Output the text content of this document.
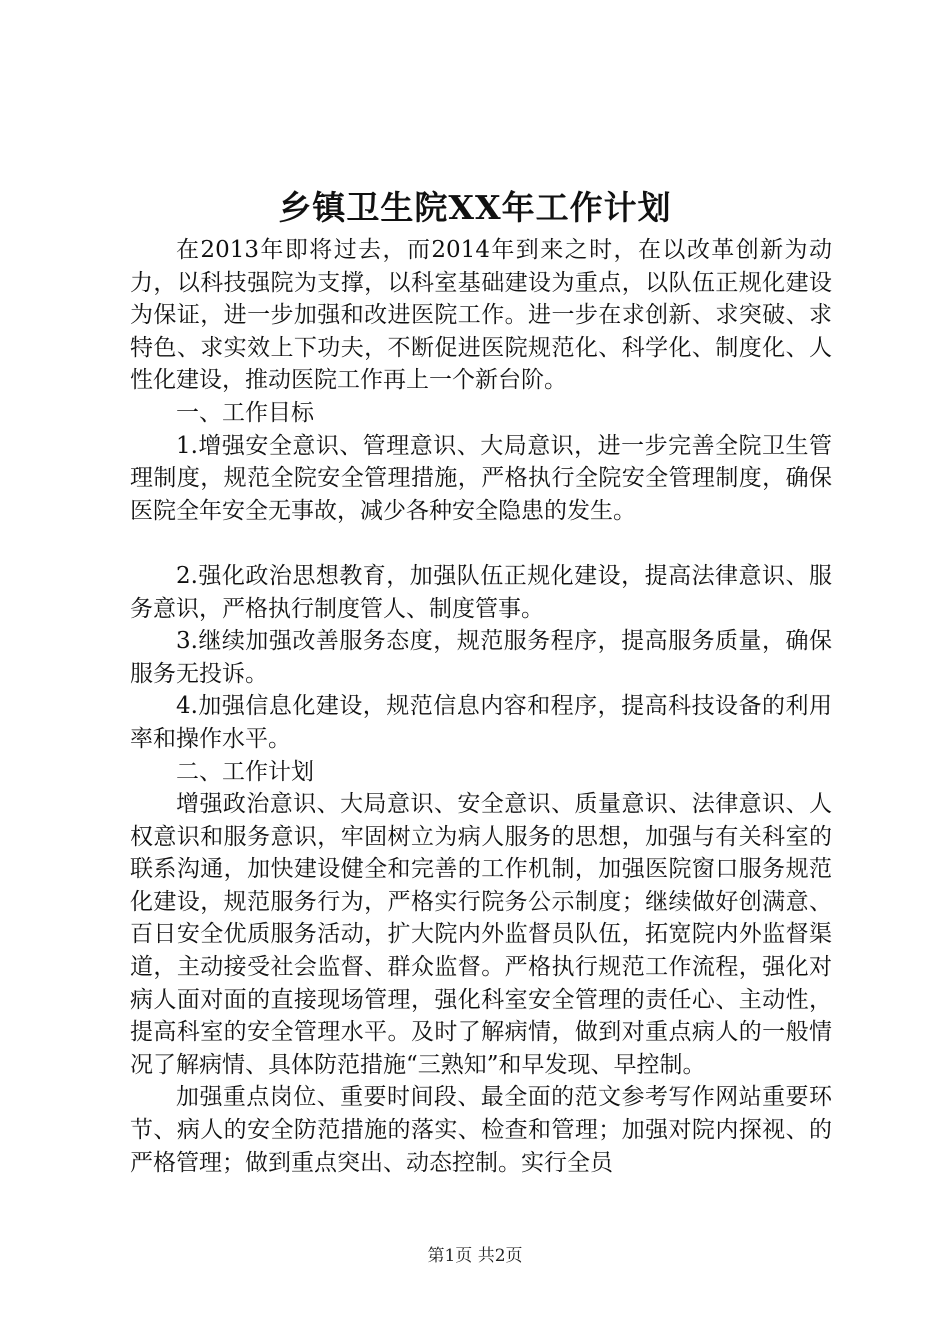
乡镇卫生院XX年工作计划

在2013年即将过去，而2014年到来之时，在以改革创新为动力，以科技强院为支撑，以科室基础建设为重点，以队伍正规化建设为保证，进一步加强和改进医院工作。进一步在求创新、求突破、求特色、求实效上下功夫，不断促进医院规范化、科学化、制度化、人性化建设，推动医院工作再上一个新台阶。

一、工作目标

1.增强安全意识、管理意识、大局意识，进一步完善全院卫生管理制度，规范全院安全管理措施，严格执行全院安全管理制度，确保医院全年安全无事故，减少各种安全隐患的发生。

2.强化政治思想教育，加强队伍正规化建设，提高法律意识、服务意识，严格执行制度管人、制度管事。

3.继续加强改善服务态度，规范服务程序，提高服务质量，确保服务无投诉。

4.加强信息化建设，规范信息内容和程序，提高科技设备的利用率和操作水平。

二、工作计划

增强政治意识、大局意识、安全意识、质量意识、法律意识、人权意识和服务意识，牢固树立为病人服务的思想，加强与有关科室的联系沟通，加快建设健全和完善的工作机制，加强医院窗口服务规范化建设，规范服务行为，严格实行院务公示制度；继续做好创满意、百日安全优质服务活动，扩大院内外监督员队伍，拓宽院内外监督渠道，主动接受社会监督、群众监督。严格执行规范工作流程，强化对病人面对面的直接现场管理，强化科室安全管理的责任心、主动性，提高科室的安全管理水平。及时了解病情，做到对重点病人的一般情况了解病情、具体防范措施“三熟知”和早发现、早控制。

加强重点岗位、重要时间段、最全面的范文参考写作网站重要环节、病人的安全防范措施的落实、检查和管理；加强对院内探视、的严格管理；做到重点突出、动态控制。实行全员

第1页 共2页
